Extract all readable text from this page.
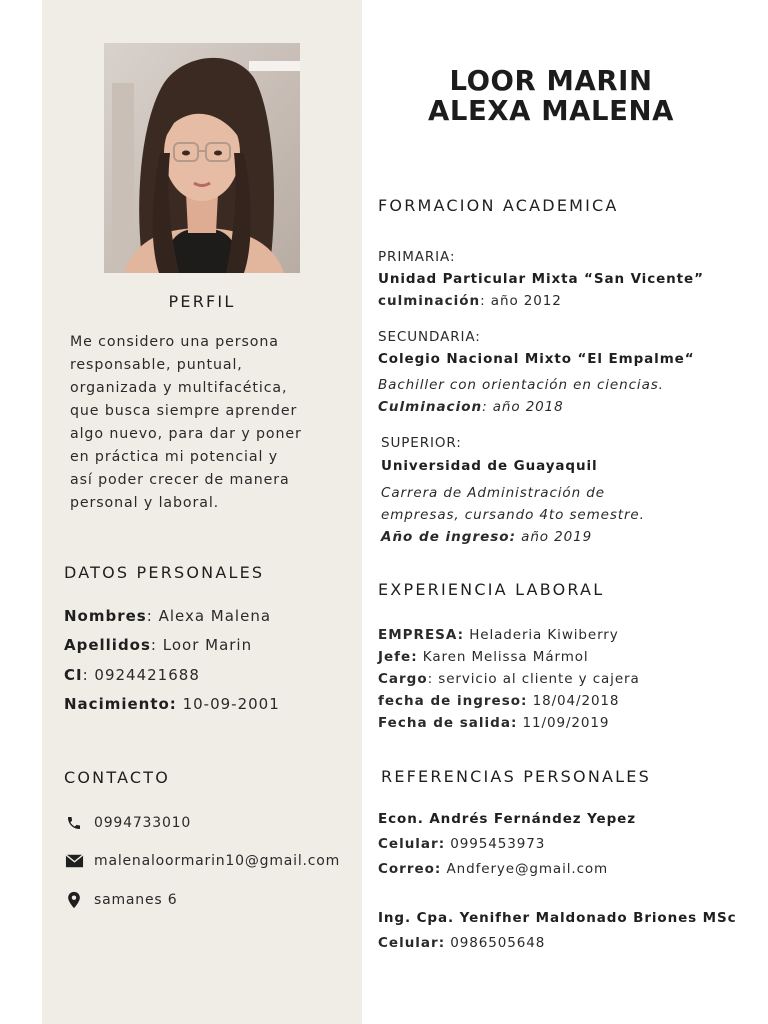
PERFIL
Me considero una persona
responsable, puntual,
organizada y multifacética,
que busca siempre aprender
algo nuevo, para dar y poner
en práctica mi potencial y
así poder crecer de manera
personal y laboral.
DATOS PERSONALES
Nombres: Alexa Malena
Apellidos: Loor Marin
CI: 0924421688
Nacimiento: 10-09-2001
CONTACTO
0994733010
malenaloormarin10@gmail.com
samanes 6
LOOR MARIN
ALEXA MALENA
FORMACION ACADEMICA
PRIMARIA:
Unidad Particular Mixta “San Vicente”
culminación: año 2012
SECUNDARIA:
Colegio Nacional Mixto “El Empalme“
Bachiller con orientación en ciencias.
Culminacion: año 2018
SUPERIOR:
Universidad de Guayaquil
Carrera de Administración de
empresas, cursando 4to semestre.
Año de ingreso: año 2019
EXPERIENCIA LABORAL
EMPRESA: Heladeria Kiwiberry
Jefe: Karen Melissa Mármol
Cargo: servicio al cliente y cajera
fecha de ingreso: 18/04/2018
Fecha de salida: 11/09/2019
REFERENCIAS PERSONALES
Econ. Andrés Fernández Yepez
Celular: 0995453973
Correo: Andferye@gmail.com
Ing. Cpa. Yenifher Maldonado Briones MSc
Celular: 0986505648
